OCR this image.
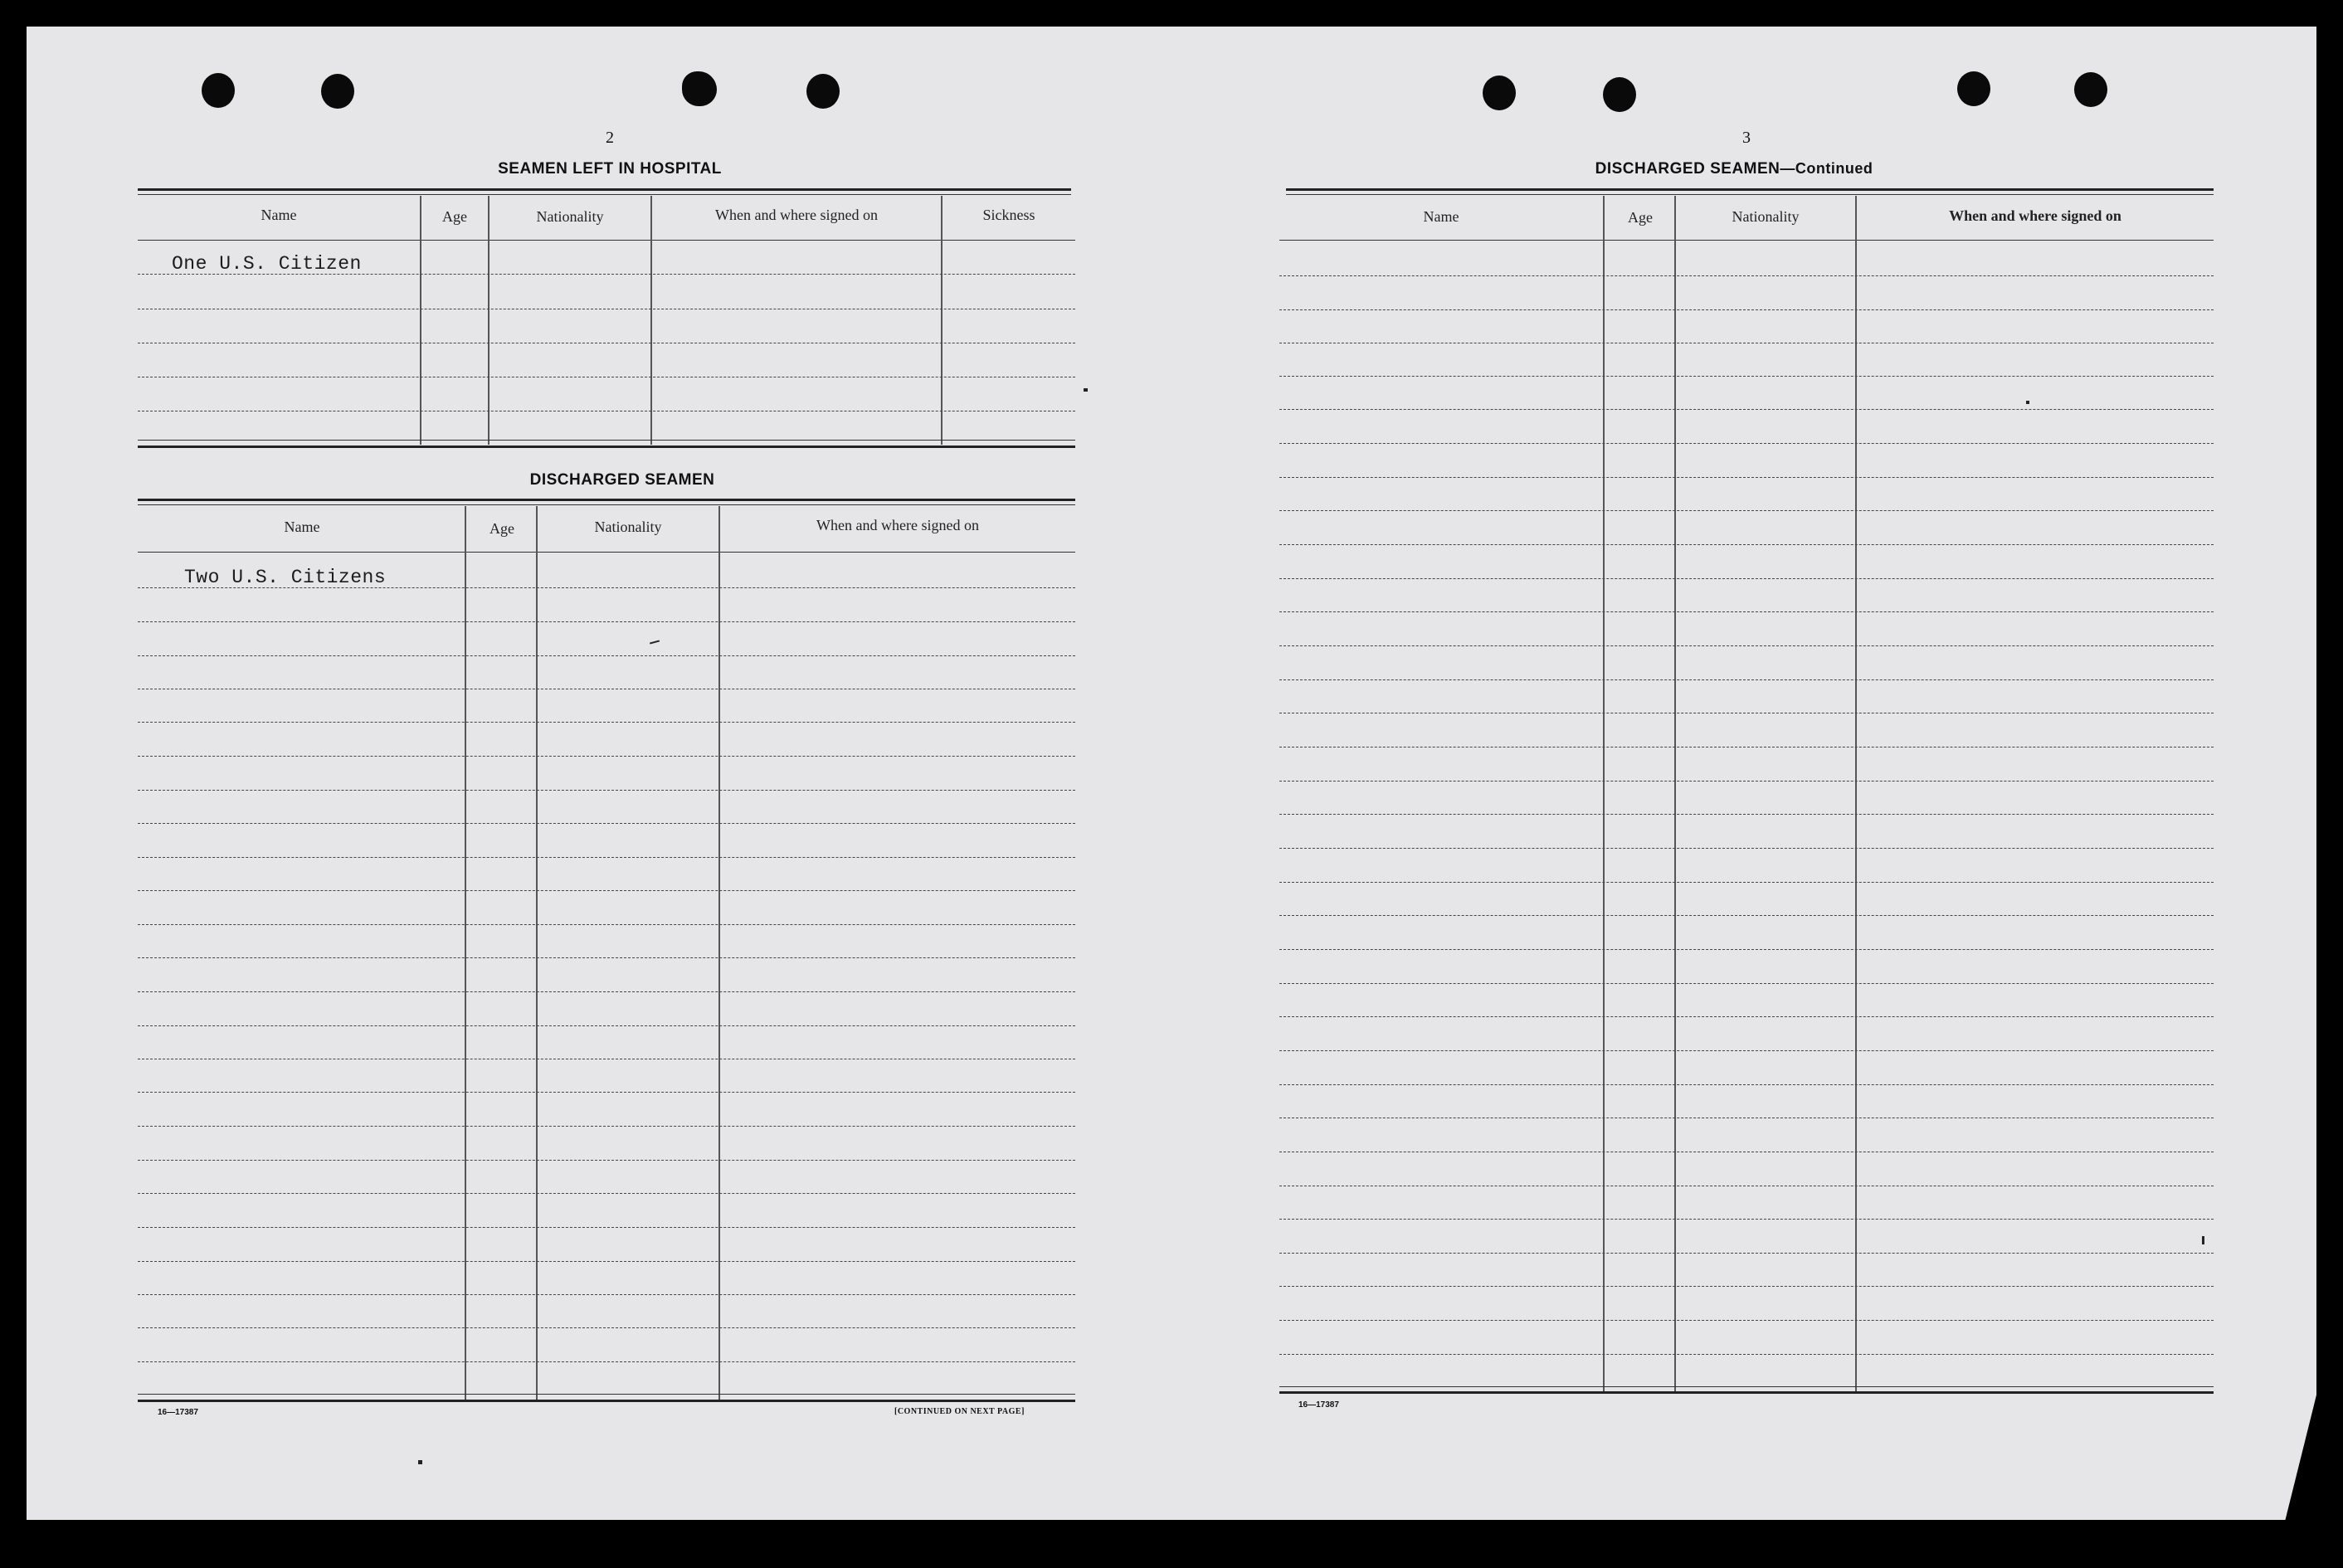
2
SEAMEN LEFT IN HOSPITAL
Name	Age	Nationality	When and where signed on	Sickness
One U.S. Citizen
DISCHARGED SEAMEN
Name	Age	Nationality	When and where signed on
Two U.S. Citizens
16—17387	[CONTINUED ON NEXT PAGE]
3
DISCHARGED SEAMEN—Continued
Name	Age	Nationality	When and where signed on
16—17387
